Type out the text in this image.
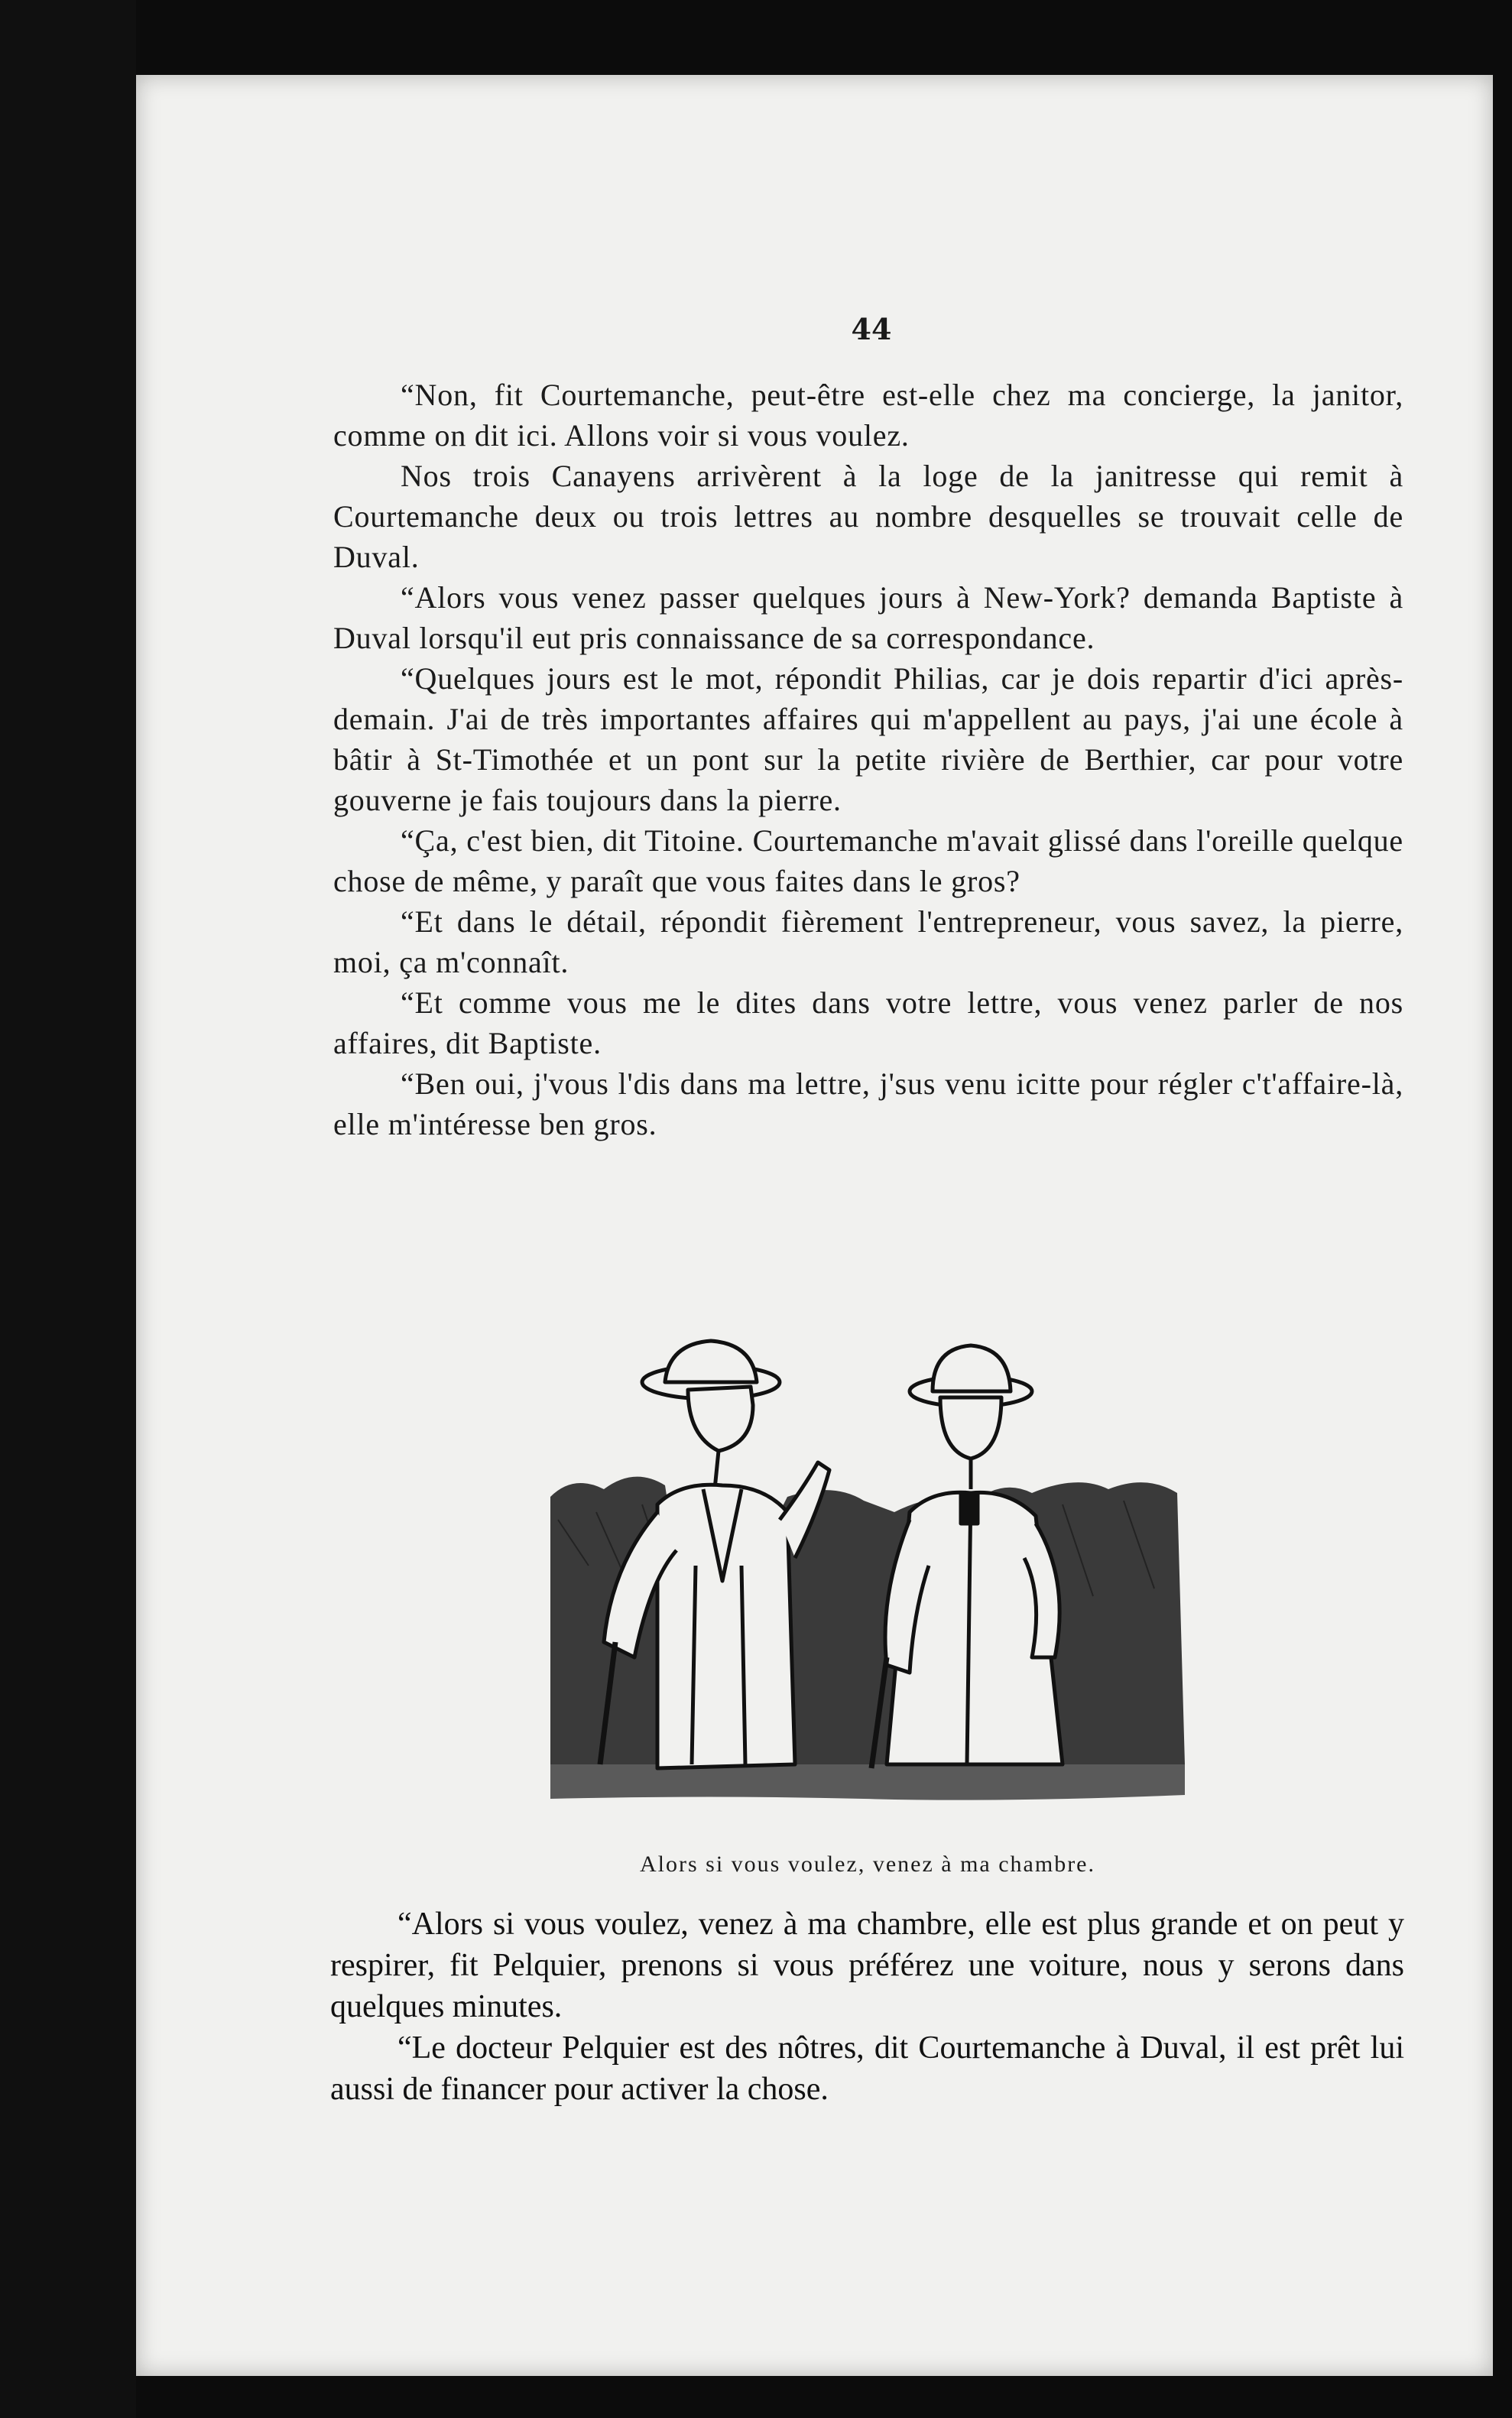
44

“Non, fit Courtemanche, peut-être est-elle chez ma concierge, la janitor, comme on dit ici. Allons voir si vous voulez.

Nos trois Canayens arrivèrent à la loge de la janitresse qui remit à Courtemanche deux ou trois lettres au nombre desquelles se trouvait celle de Duval.

“Alors vous venez passer quelques jours à New-York? demanda Baptiste à Duval lorsqu'il eut pris connaissance de sa correspondance.

“Quelques jours est le mot, répondit Philias, car je dois repartir d'ici après-demain. J'ai de très importantes affaires qui m'appellent au pays, j'ai une école à bâtir à St-Timothée et un pont sur la petite rivière de Berthier, car pour votre gouverne je fais toujours dans la pierre.

“Ça, c'est bien, dit Titoine. Courtemanche m'avait glissé dans l'oreille quelque chose de même, y paraît que vous faites dans le gros?

“Et dans le détail, répondit fièrement l'entrepreneur, vous savez, la pierre, moi, ça m'connaît.

“Et comme vous me le dites dans votre lettre, vous venez parler de nos affaires, dit Baptiste.

“Ben oui, j'vous l'dis dans ma lettre, j'sus venu icitte pour régler c't'affaire-là, elle m'intéresse ben gros.

Alors si vous voulez, venez à ma chambre.

“Alors si vous voulez, venez à ma chambre, elle est plus grande et on peut y respirer, fit Pelquier, prenons si vous préférez une voiture, nous y serons dans quelques minutes.

“Le docteur Pelquier est des nôtres, dit Courtemanche à Duval, il est prêt lui aussi de financer pour activer la chose.
